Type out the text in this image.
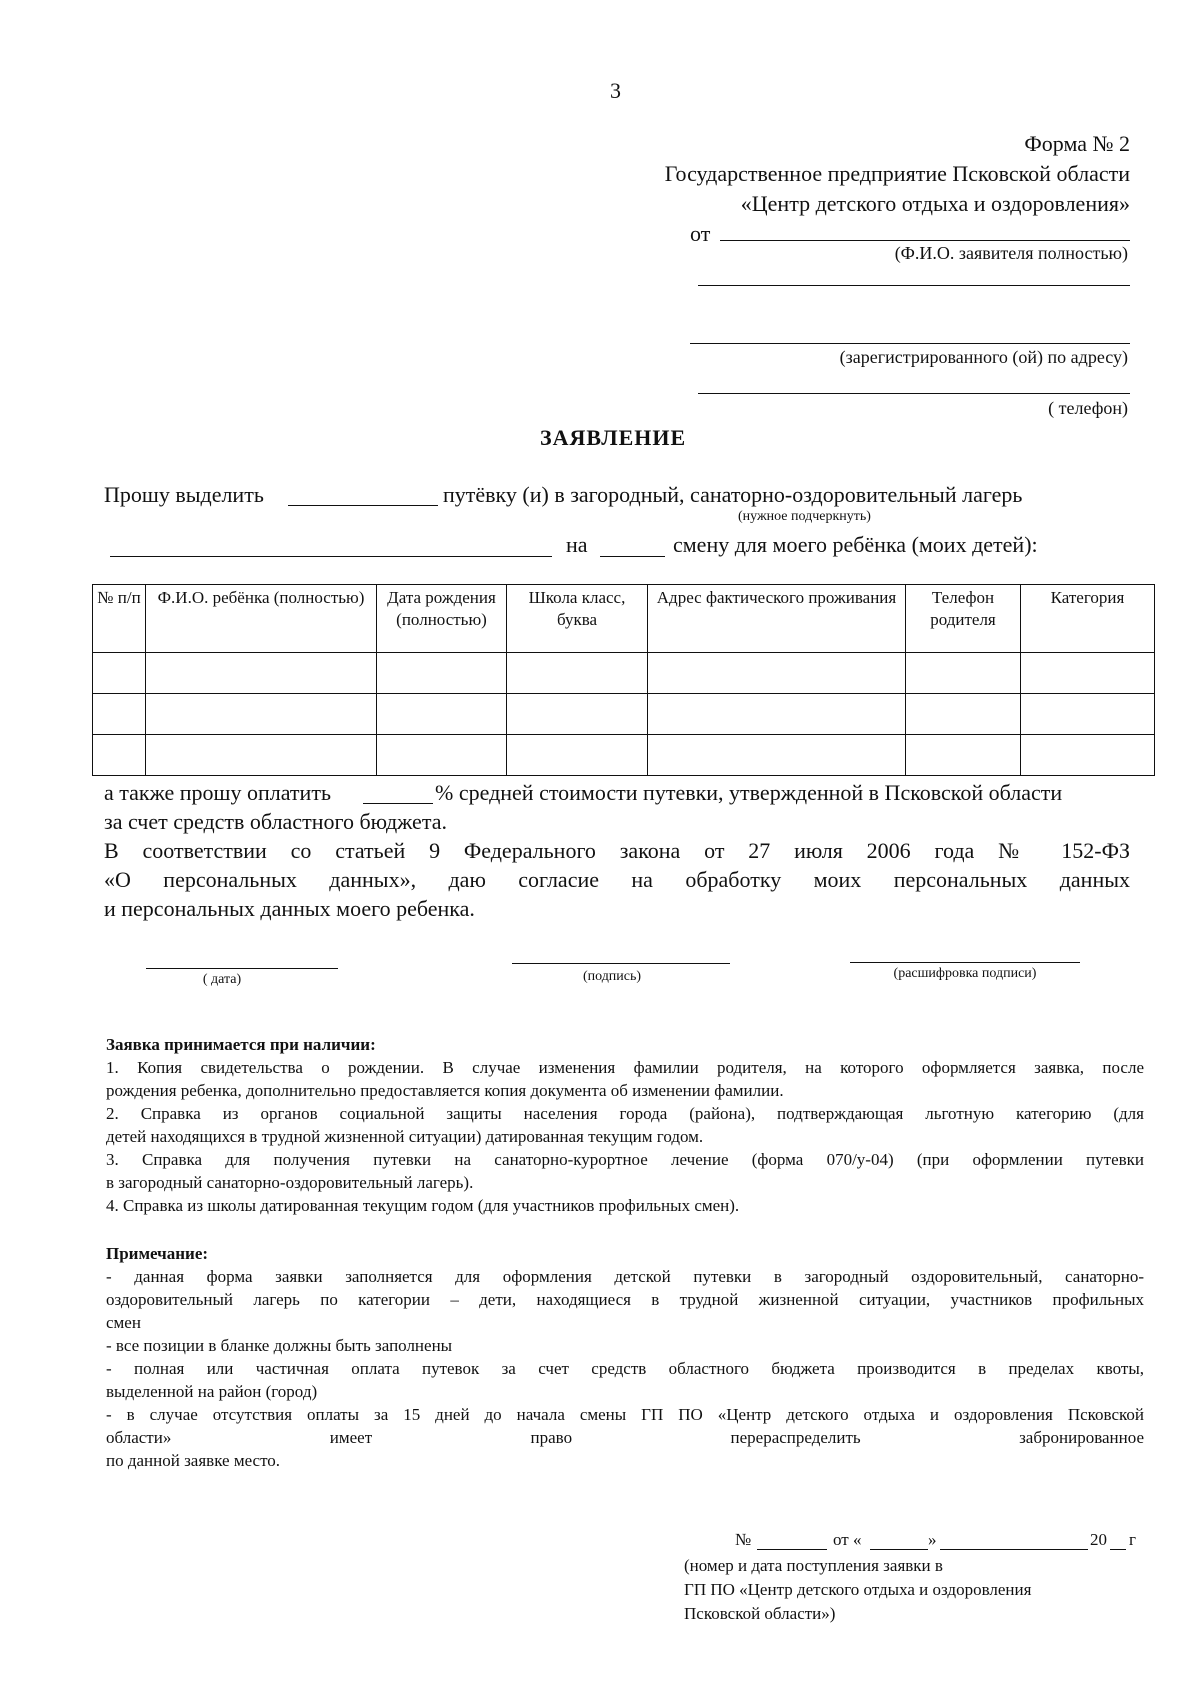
3
Форма № 2
Государственное предприятие Псковской области
«Центр детского отдыха и оздоровления»
от
(Ф.И.О. заявителя полностью)
(зарегистрированного (ой) по адресу)
( телефон)
ЗАЯВЛЕНИЕ
Прошу выделить	путёвку (и) в загородный, санаторно-оздоровительный лагерь
(нужное подчеркнуть)
на	смену для моего ребёнка (моих детей):
№ п/п	Ф.И.О. ребёнка (полностью)	Дата рождения (полностью)	Школа класс, буква	Адрес фактического проживания	Телефон родителя	Категория

а также прошу оплатить	% средней стоимости путевки, утвержденной в Псковской области
за счет средств областного бюджета.
В соответствии со статьей 9 Федерального закона от 27 июля 2006 года № 152-ФЗ
«О персональных данных», даю согласие на обработку моих персональных данных
и персональных данных моего ребенка.
( дата)	(подпись)	(расшифровка подписи)
Заявка принимается при наличии:
1. Копия свидетельства о рождении. В случае изменения фамилии родителя, на которого оформляется заявка, после
рождения ребенка, дополнительно предоставляется копия документа об изменении фамилии.
2. Справка из органов социальной защиты населения города (района), подтверждающая льготную категорию (для
детей находящихся в трудной жизненной ситуации) датированная текущим годом.
3. Справка для получения путевки на санаторно-курортное лечение (форма 070/у-04) (при оформлении путевки
в загородный санаторно-оздоровительный лагерь).
4. Справка из школы датированная текущим годом (для участников профильных смен).
Примечание:
- данная форма заявки заполняется для оформления детской путевки в загородный оздоровительный, санаторно-
оздоровительный лагерь по категории – дети, находящиеся в трудной жизненной ситуации, участников профильных
смен
- все позиции в бланке должны быть заполнены
- полная или частичная оплата путевок за счет средств областного бюджета производится в пределах квоты,
выделенной на район (город)
- в случае отсутствия оплаты за 15 дней до начала смены ГП ПО «Центр детского отдыха и оздоровления Псковской
области» имеет право перераспределить забронированное
по данной заявке место.
№	от «	»	20 г
(номер и дата поступления заявки в
ГП ПО «Центр детского отдыха и оздоровления
Псковской области»)
